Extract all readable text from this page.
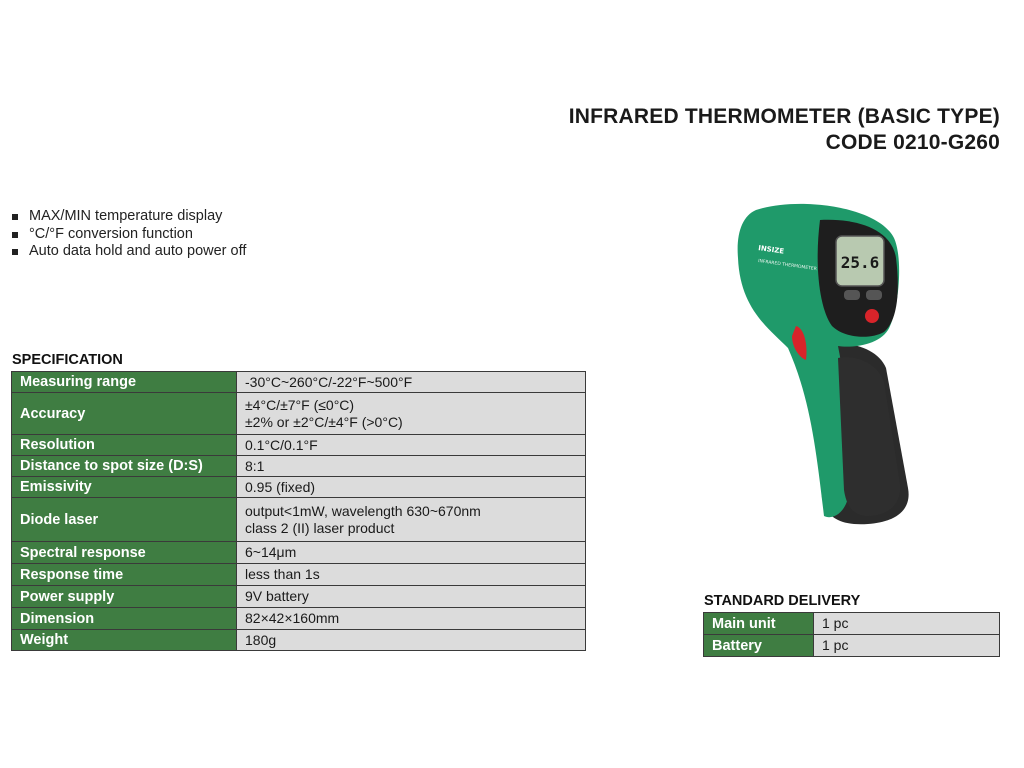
INFRARED THERMOMETER (BASIC TYPE)
CODE 0210-G260
MAX/MIN temperature display
°C/°F conversion function
Auto data hold and auto power off
SPECIFICATION
Measuring range	-30°C~260°C/-22°F~500°F

Accuracy	±4°C/±7°F (≤0°C)
±2% or ±2°C/±4°F (>0°C)

Resolution	0.1°C/0.1°F

Distance to spot size (D:S)	8:1

Emissivity	0.95 (fixed)

Diode laser	output<1mW, wavelength 630~670nm
class 2 (II) laser product

Spectral response	6~14μm

Response time	less than 1s

Power supply	9V battery

Dimension	82×42×160mm

Weight	180g
STANDARD DELIVERY
Main unit	1 pc
Battery	1 pc
25.6
INSIZE
INFRARED THERMOMETER
